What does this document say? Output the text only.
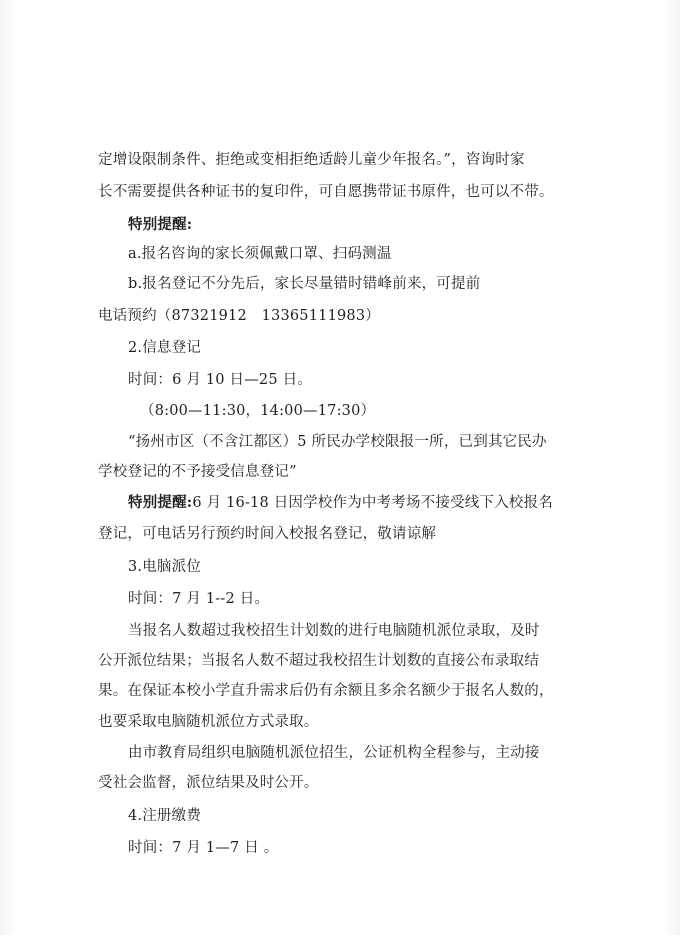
定增设限制条件、拒绝或变相拒绝适龄儿童少年报名。”，咨询时家
长不需要提供各种证书的复印件，可自愿携带证书原件，也可以不带。
特别提醒:
a.报名咨询的家长须佩戴口罩、扫码测温
b.报名登记不分先后，家长尽量错时错峰前来，可提前
电话预约（87321912　13365111983）
2.信息登记
时间：6 月 10 日—25 日。
（8:00—11:30，14:00—17:30）
“扬州市区（不含江都区）5 所民办学校限报一所，已到其它民办
学校登记的不予接受信息登记”
特别提醒:6 月 16-18 日因学校作为中考考场不接受线下入校报名
登记，可电话另行预约时间入校报名登记，敬请谅解
3.电脑派位
时间：7 月 1--2 日。
当报名人数超过我校招生计划数的进行电脑随机派位录取，及时
公开派位结果；当报名人数不超过我校招生计划数的直接公布录取结
果。在保证本校小学直升需求后仍有余额且多余名额少于报名人数的，
也要采取电脑随机派位方式录取。
由市教育局组织电脑随机派位招生，公证机构全程参与，主动接
受社会监督，派位结果及时公开。
4.注册缴费
时间：7 月 1—7 日 。
